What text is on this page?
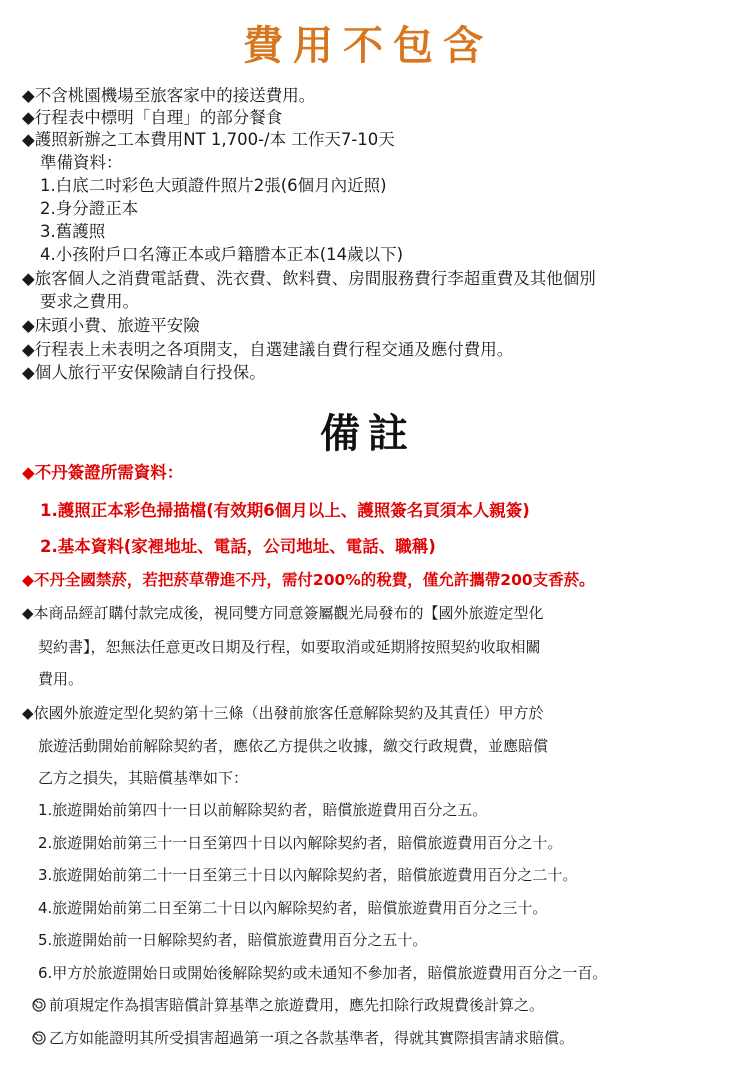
費用不包含
◆不含桃園機場至旅客家中的接送費用。
◆行程表中標明「自理」的部分餐食
◆護照新辦之工本費用NT 1,700-/本 工作天7-10天
準備資料：
1.白底二吋彩色大頭證件照片2張(6個月內近照)
2.身分證正本
3.舊護照
4.小孩附戶口名簿正本或戶籍謄本正本(14歲以下)
◆旅客個人之消費電話費、洗衣費、飲料費、房間服務費行李超重費及其他個別
要求之費用。
◆床頭小費、旅遊平安險
◆行程表上未表明之各項開支，自選建議自費行程交通及應付費用。
◆個人旅行平安保險請自行投保。
備註
◆不丹簽證所需資料：
1.護照正本彩色掃描檔(有效期6個月以上、護照簽名頁須本人親簽)
2.基本資料(家裡地址、電話，公司地址、電話、職稱)
◆不丹全國禁菸，若把菸草帶進不丹，需付200%的稅費，僅允許攜帶200支香菸。
◆本商品經訂購付款完成後，視同雙方同意簽屬觀光局發布的【國外旅遊定型化
契約書】，恕無法任意更改日期及行程，如要取消或延期將按照契約收取相關
費用。
◆依國外旅遊定型化契約第十三條（出發前旅客任意解除契約及其責任）甲方於
旅遊活動開始前解除契約者，應依乙方提供之收據，繳交行政規費，並應賠償
乙方之損失，其賠償基準如下：
1.旅遊開始前第四十一日以前解除契約者，賠償旅遊費用百分之五。
2.旅遊開始前第三十一日至第四十日以內解除契約者，賠償旅遊費用百分之十。
3.旅遊開始前第二十一日至第三十日以內解除契約者，賠償旅遊費用百分之二十。
4.旅遊開始前第二日至第二十日以內解除契約者，賠償旅遊費用百分之三十。
5.旅遊開始前一日解除契約者，賠償旅遊費用百分之五十。
6.甲方於旅遊開始日或開始後解除契約或未通知不參加者，賠償旅遊費用百分之一百。
前項規定作為損害賠償計算基準之旅遊費用，應先扣除行政規費後計算之。
乙方如能證明其所受損害超過第一項之各款基準者，得就其實際損害請求賠償。
